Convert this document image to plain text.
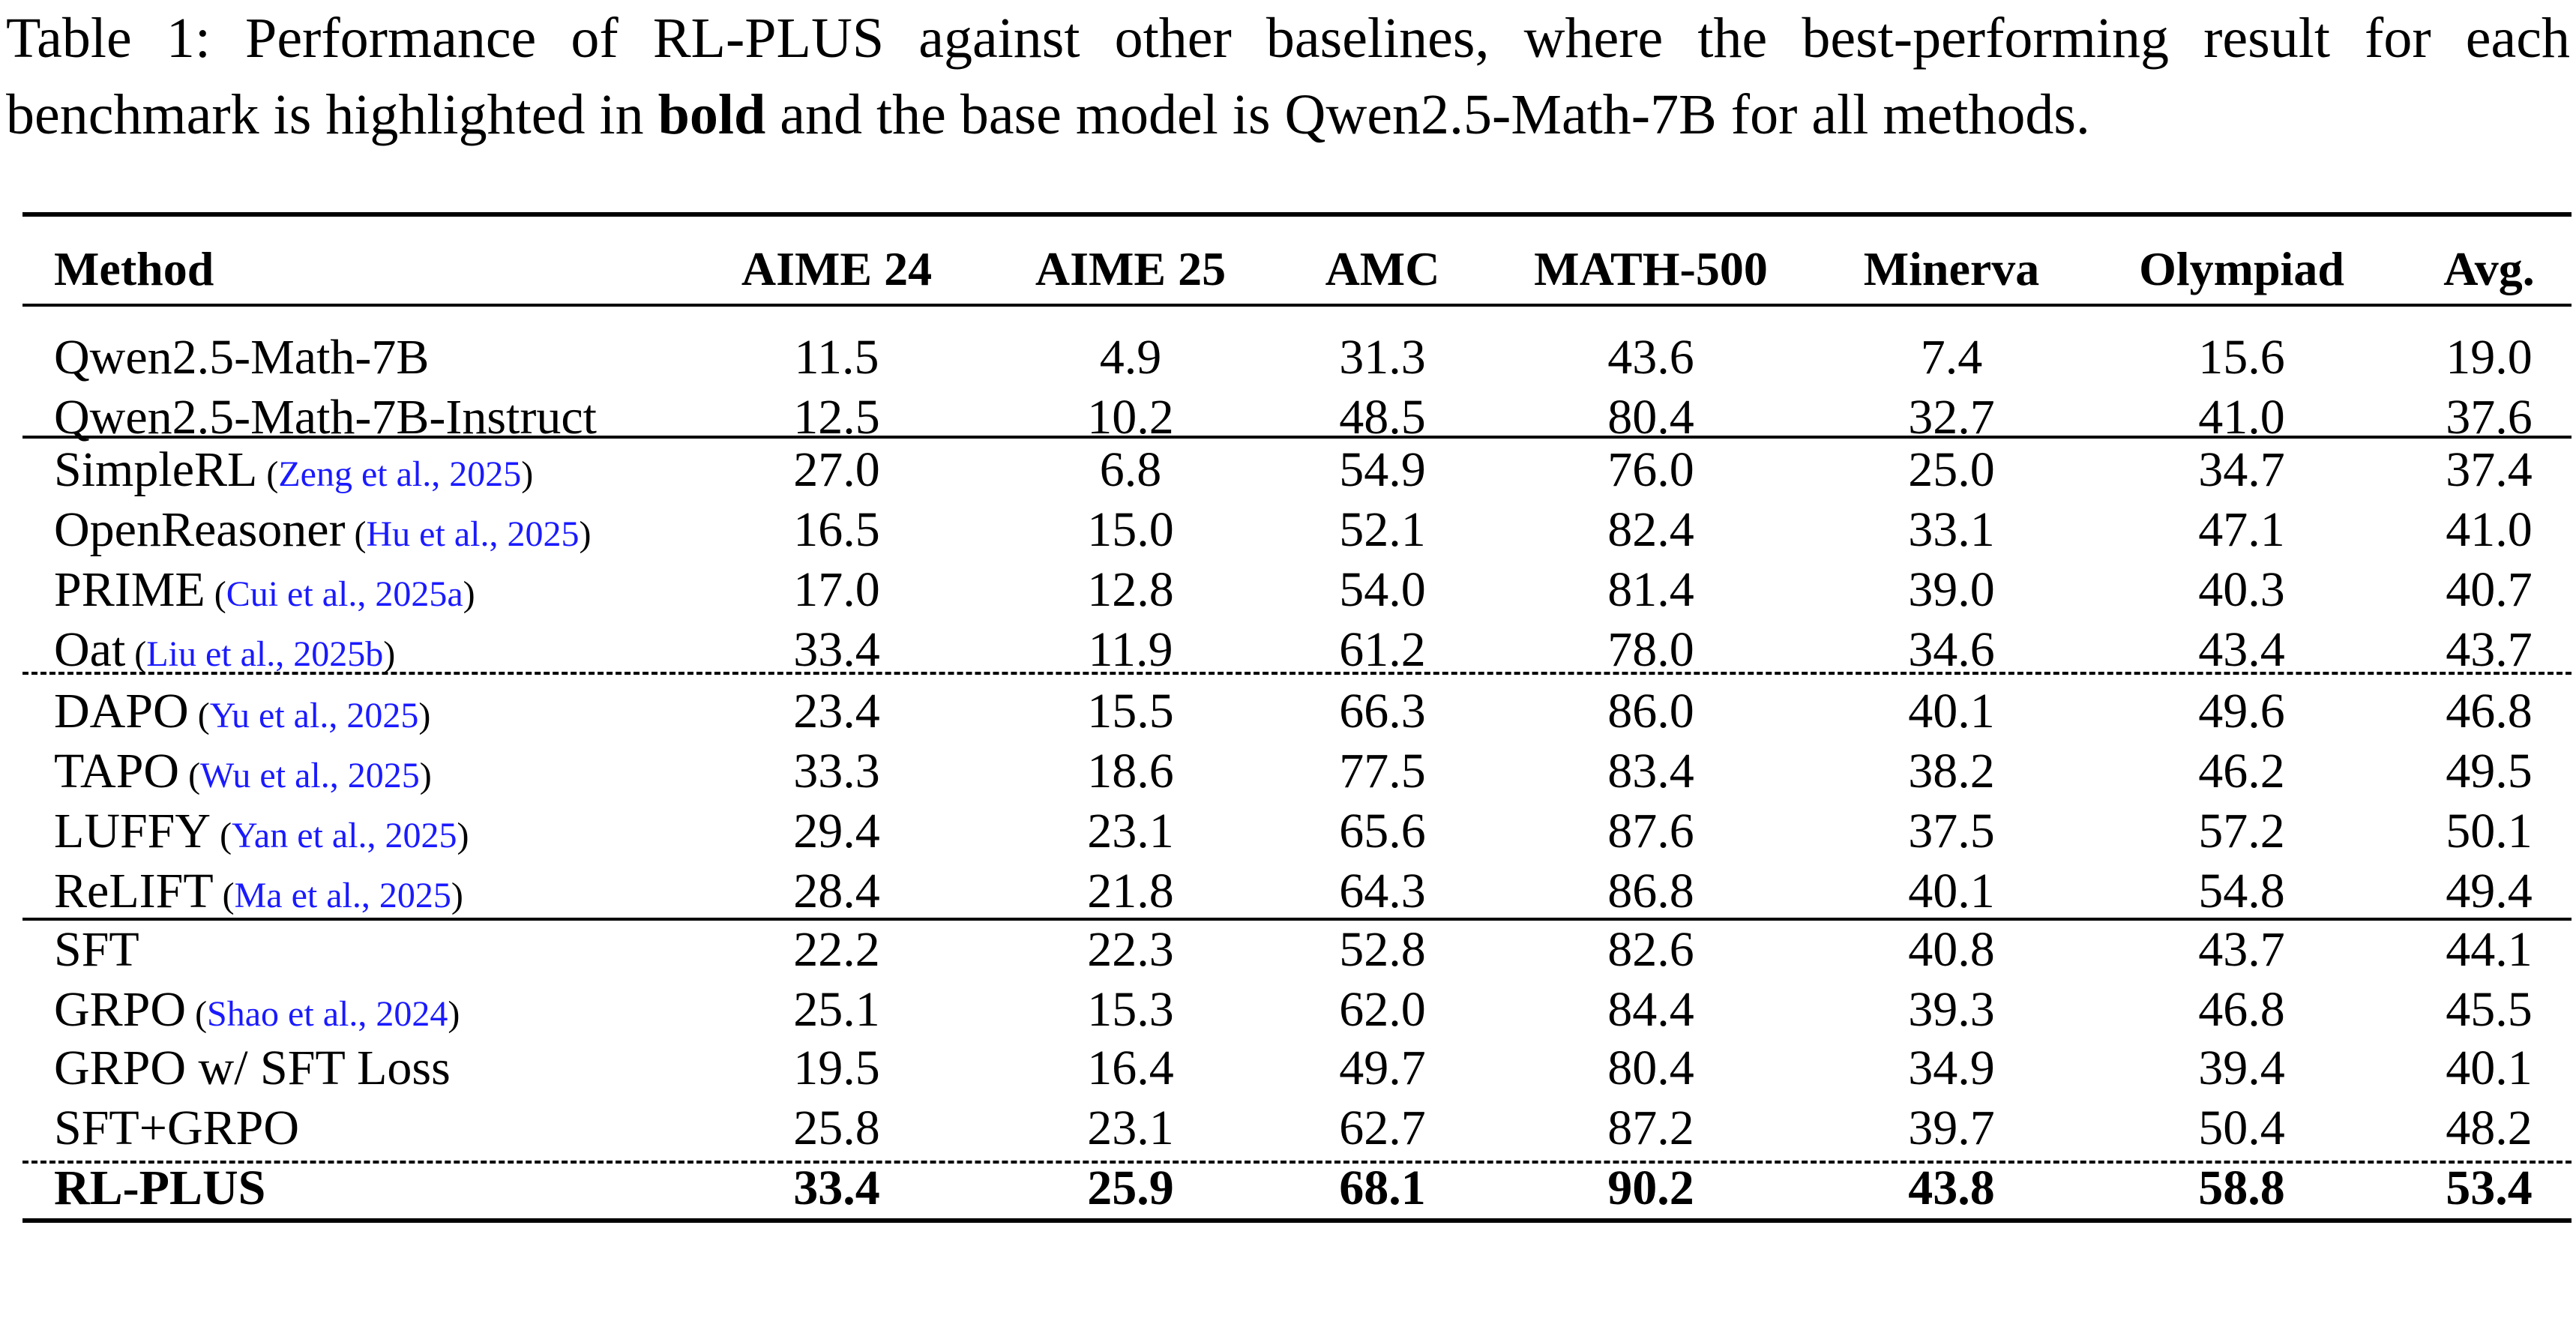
Table 1: Performance of RL-PLUS against other baselines, where the best-performing result for each benchmark is highlighted in bold and the base model is Qwen2.5-Math-7B for all methods.
Method	AIME 24	AIME 25	AMC	MATH-500	Minerva	Olympiad	Avg.
Qwen2.5-Math-7B	11.5	4.9	31.3	43.6	7.4	15.6	19.0
Qwen2.5-Math-7B-Instruct	12.5	10.2	48.5	80.4	32.7	41.0	37.6
SimpleRL (Zeng et al., 2025)	27.0	6.8	54.9	76.0	25.0	34.7	37.4
OpenReasoner (Hu et al., 2025)	16.5	15.0	52.1	82.4	33.1	47.1	41.0
PRIME (Cui et al., 2025a)	17.0	12.8	54.0	81.4	39.0	40.3	40.7
Oat (Liu et al., 2025b)	33.4	11.9	61.2	78.0	34.6	43.4	43.7
DAPO (Yu et al., 2025)	23.4	15.5	66.3	86.0	40.1	49.6	46.8
TAPO (Wu et al., 2025)	33.3	18.6	77.5	83.4	38.2	46.2	49.5
LUFFY (Yan et al., 2025)	29.4	23.1	65.6	87.6	37.5	57.2	50.1
ReLIFT (Ma et al., 2025)	28.4	21.8	64.3	86.8	40.1	54.8	49.4
SFT	22.2	22.3	52.8	82.6	40.8	43.7	44.1
GRPO (Shao et al., 2024)	25.1	15.3	62.0	84.4	39.3	46.8	45.5
GRPO w/ SFT Loss	19.5	16.4	49.7	80.4	34.9	39.4	40.1
SFT+GRPO	25.8	23.1	62.7	87.2	39.7	50.4	48.2
RL-PLUS	33.4	25.9	68.1	90.2	43.8	58.8	53.4
